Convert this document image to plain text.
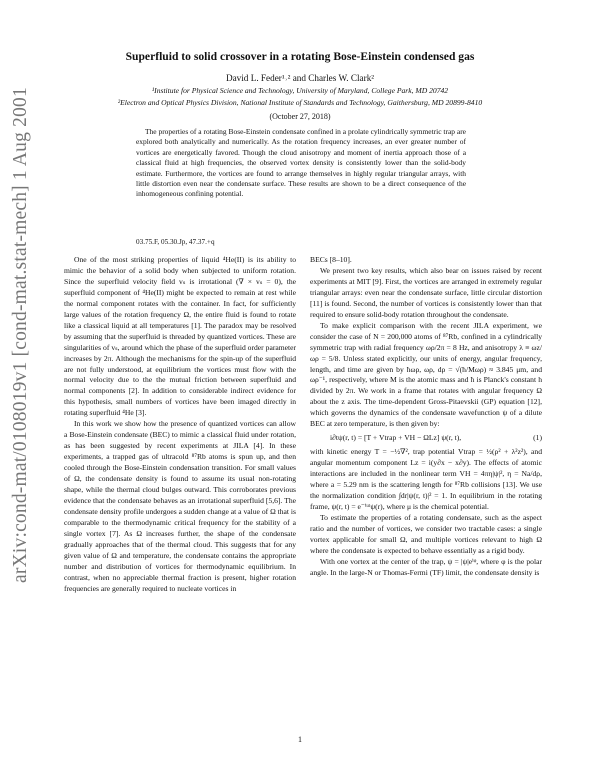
arXiv:cond-mat/0108019v1 [cond-mat.stat-mech] 1 Aug 2001
Superfluid to solid crossover in a rotating Bose-Einstein condensed gas
David L. Feder¹˒² and Charles W. Clark²
¹Institute for Physical Science and Technology, University of Maryland, College Park, MD 20742
²Electron and Optical Physics Division, National Institute of Standards and Technology, Gaithersburg, MD 20899-8410
(October 27, 2018)
The properties of a rotating Bose-Einstein condensate confined in a prolate cylindrically symmetric trap are explored both analytically and numerically. As the rotation frequency increases, an ever greater number of vortices are energetically favored. Though the cloud anisotropy and moment of inertia approach those of a classical fluid at high frequencies, the observed vortex density is consistently lower than the solid-body estimate. Furthermore, the vortices are found to arrange themselves in highly regular triangular arrays, with little distortion even near the condensate surface. These results are shown to be a direct consequence of the inhomogeneous confining potential.
03.75.F, 05.30.Jp, 47.37.+q

One of the most striking properties of liquid ⁴He(II) is its ability to mimic the behavior of a solid body when subjected to uniform rotation. Since the superfluid velocity field vₛ is irrotational (∇ × vₛ = 0), the superfluid component of ⁴He(II) might be expected to remain at rest while the normal component rotates with the container. In fact, for sufficiently large values of the rotation frequency Ω, the entire fluid is found to rotate like a classical liquid at all temperatures [1]. The paradox may be resolved by assuming that the superfluid is threaded by quantized vortices. These are singularities of vₛ, around which the phase of the superfluid order parameter increases by 2π. Although the mechanisms for the spin-up of the superfluid are not fully understood, at equilibrium the vortices must flow with the normal velocity due to the the mutual friction between superfluid and normal components [2]. In addition to considerable indirect evidence for this hypothesis, small numbers of vortices have been imaged directly in rotating superfluid ⁴He [3].

In this work we show how the presence of quantized vortices can allow a Bose-Einstein condensate (BEC) to mimic a classical fluid under rotation, as has been suggested by recent experiments at JILA [4]. In these experiments, a trapped gas of ultracold ⁸⁷Rb atoms is spun up, and then cooled through the Bose-Einstein condensation transition. For small values of Ω, the condensate density is found to assume its usual non-rotating shape, while the thermal cloud bulges outward. This corroborates previous evidence that the condensate behaves as an irrotational superfluid [5,6]. The condensate density profile undergoes a sudden change at a value of Ω that is comparable to the thermodynamic critical frequency for the stability of a single vortex [7]. As Ω increases further, the shape of the condensate gradually approaches that of the thermal cloud. This suggests that for any given value of Ω and temperature, the condensate contains the appropriate number and distribution of vortices for thermodynamic equilibrium. In contrast, when no appreciable thermal fraction is present, higher rotation frequencies are generally required to nucleate vortices in

BECs [8–10].

We present two key results, which also bear on issues raised by recent experiments at MIT [9]. First, the vortices are arranged in extremely regular triangular arrays: even near the condensate surface, little circular distortion [11] is found. Second, the number of vortices is consistently lower than that required to ensure solid-body rotation throughout the condensate.

To make explicit comparison with the recent JILA experiment, we consider the case of N = 200,000 atoms of ⁸⁷Rb, confined in a cylindrically symmetric trap with radial frequency ωρ/2π = 8 Hz, and anisotropy λ ≡ ωz/ωρ = 5/8. Unless stated explicitly, our units of energy, angular frequency, length, and time are given by ħωρ, ωρ, dρ = √(ħ/Mωρ) ≈ 3.845 μm, and ωρ⁻¹, respectively, where M is the atomic mass and ħ is Planck's constant h divided by 2π. We work in a frame that rotates with angular frequency Ω about the z axis. The time-dependent Gross-Pitaevskii (GP) equation [12], which governs the dynamics of the condensate wavefunction ψ of a dilute BEC at zero temperature, is then given by:

i∂tψ(r, t) = [T + Vtrap + VH − ΩLz] ψ(r, t),	(1)

with kinetic energy T = −½∇², trap potential Vtrap = ½(ρ² + λ²z²), and angular momentum component Lz = i(y∂x − x∂y). The effects of atomic interactions are included in the nonlinear term VH = 4πη|ψ|², η = Na/dρ, where a = 5.29 nm is the scattering length for ⁸⁷Rb collisions [13]. We use the normalization condition ∫dr|ψ(r, t)|² = 1. In equilibrium in the rotating frame, ψ(r, t) = e⁻ⁱᵘᵗψ(r), where μ is the chemical potential.

To estimate the properties of a rotating condensate, such as the aspect ratio and the number of vortices, we consider two tractable cases: a single vortex applicable for small Ω, and multiple vortices relevant to high Ω where the condensate is expected to behave essentially as a rigid body.

With one vortex at the center of the trap, ψ = |ψ|eⁱᵠ, where φ is the polar angle. In the large-N or Thomas-Fermi (TF) limit, the condensate density is

1
